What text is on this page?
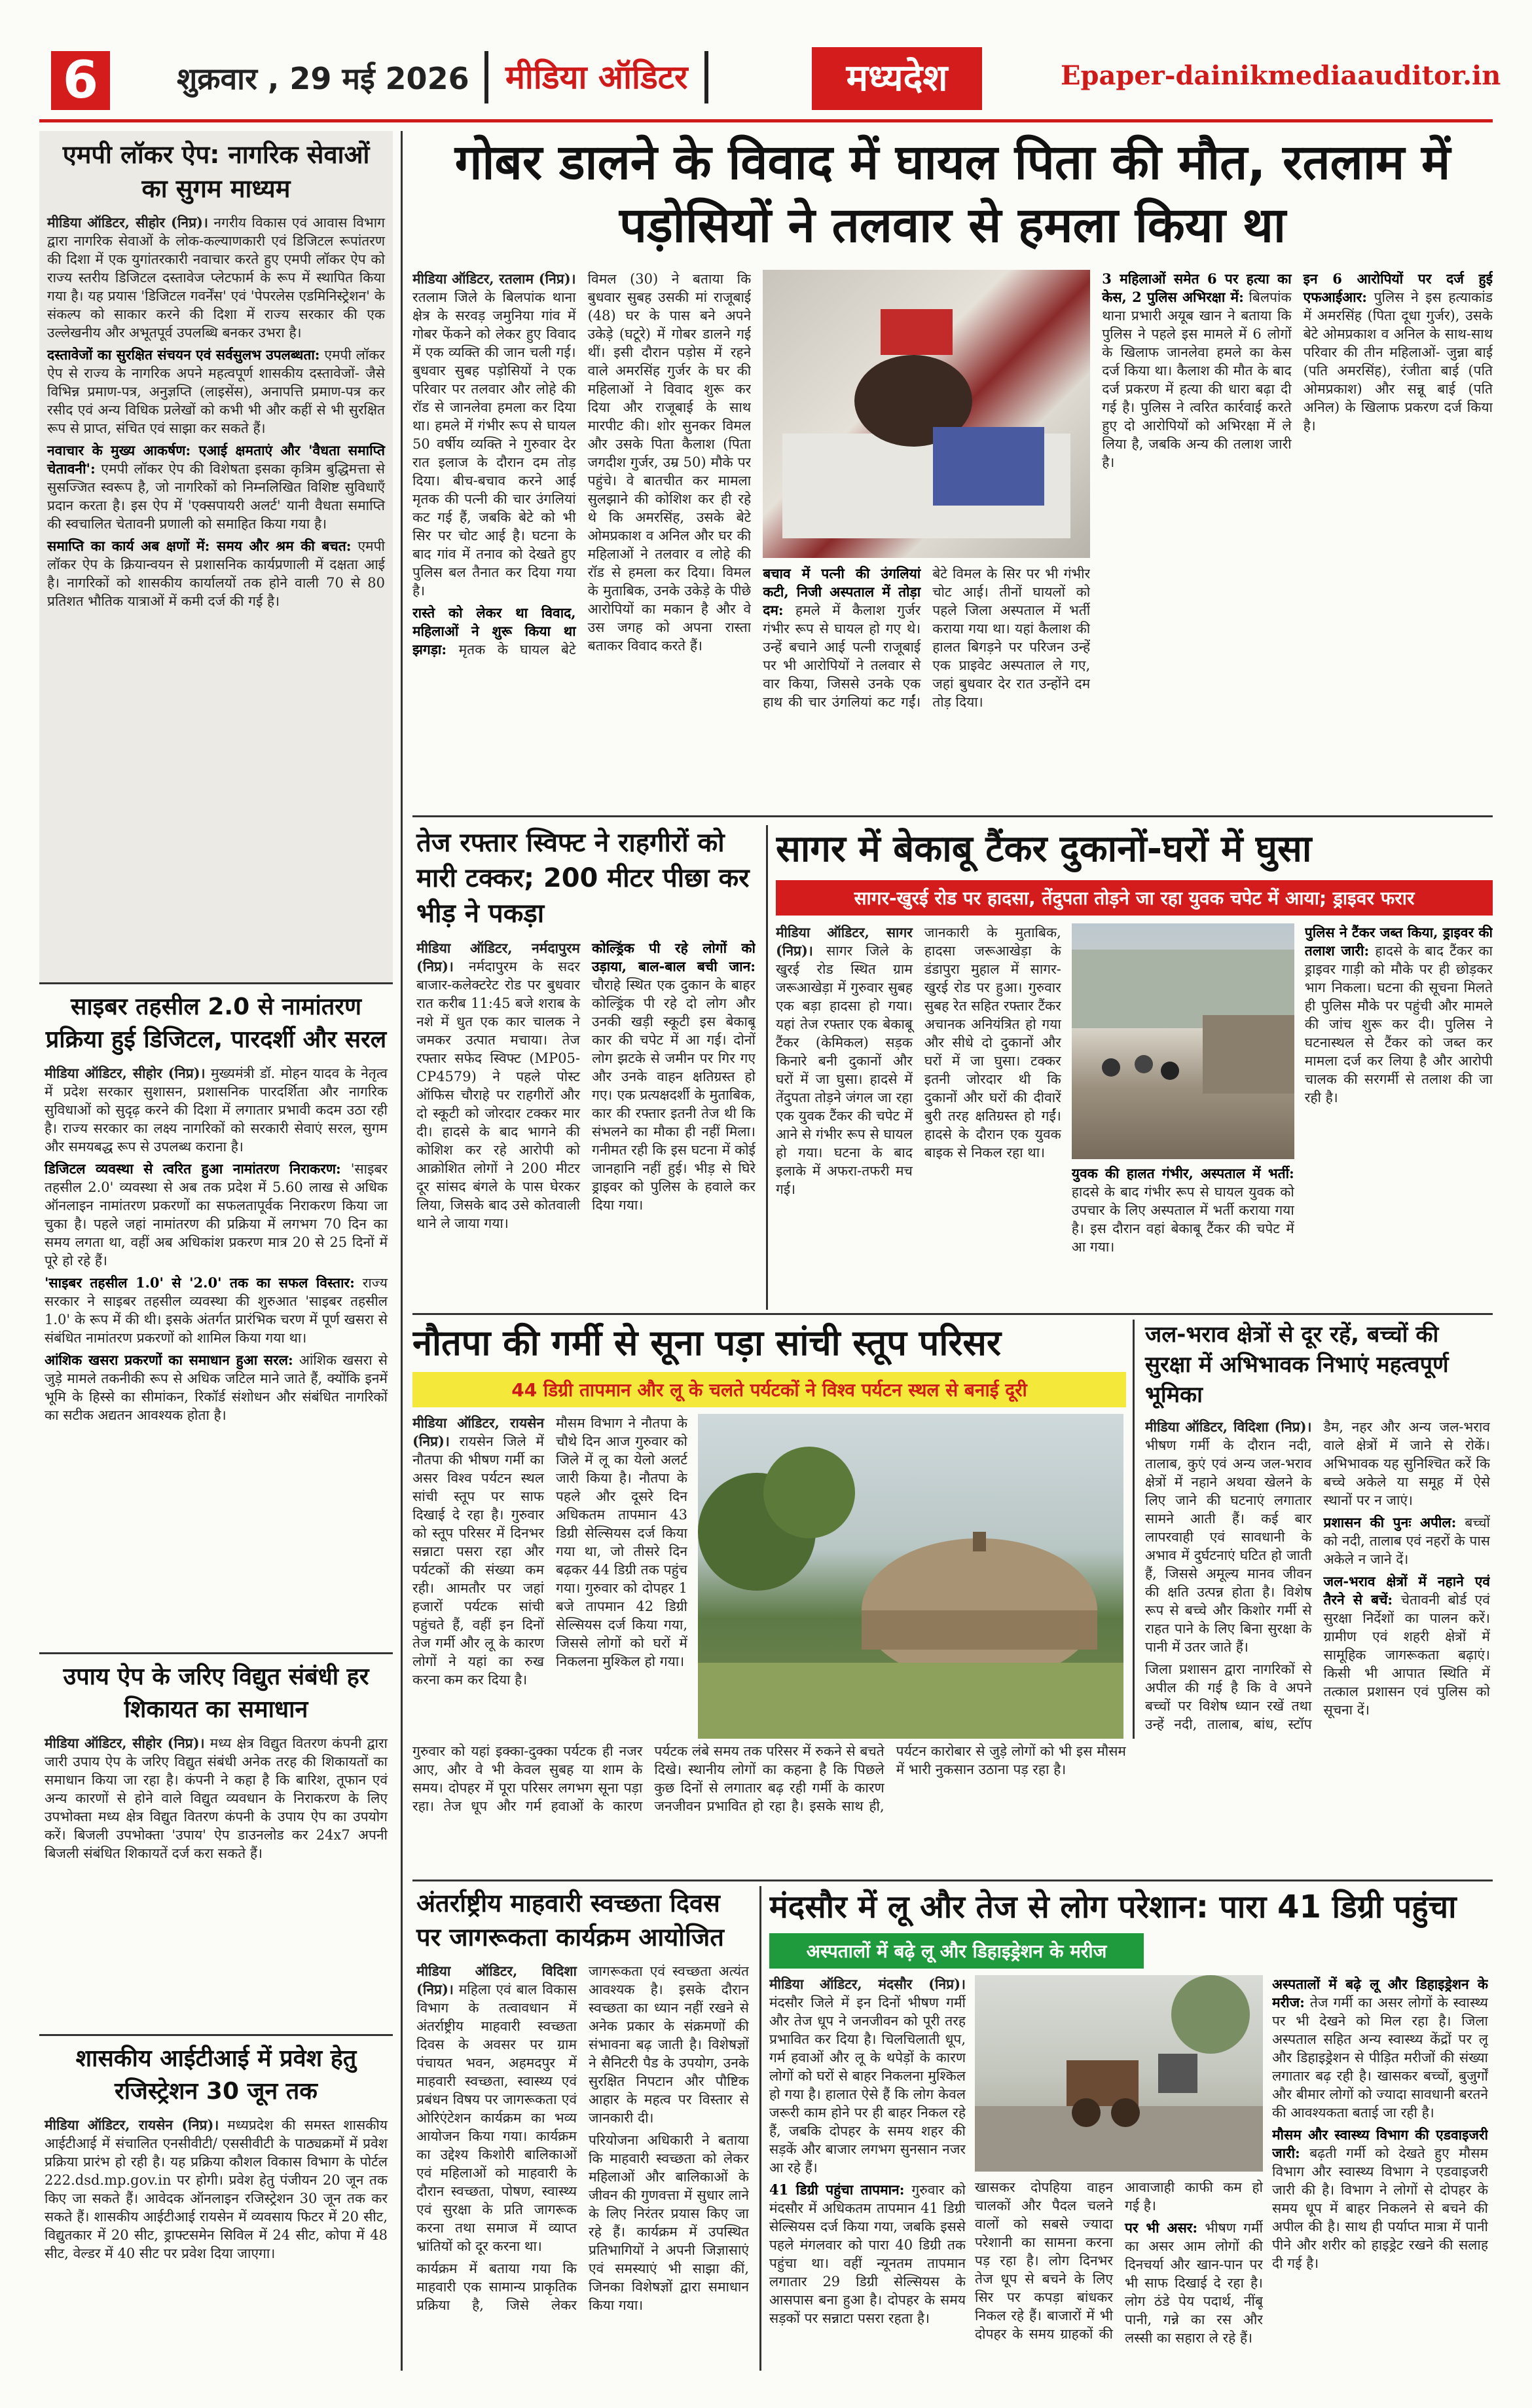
6	शुक्रवार , 29 मई 2026	मीडिया ऑडिटर	मध्यदेश	Epaper-dainikmediaauditor.in
एमपी लॉकर ऐप: नागरिक सेवाओं का सुगम माध्यम

मीडिया ऑडिटर, सीहोर (निप्र)। नगरीय विकास एवं आवास विभाग द्वारा नागरिक सेवाओं के लोक-कल्याणकारी एवं डिजिटल रूपांतरण की दिशा में एक युगांतरकारी नवाचार करते हुए एमपी लॉकर ऐप को राज्य स्तरीय डिजिटल दस्तावेज प्लेटफार्म के रूप में स्थापित किया गया है। यह प्रयास 'डिजिटल गवर्नेंस' एवं 'पेपरलेस एडमिनिस्ट्रेशन' के संकल्प को साकार करने की दिशा में राज्य सरकार की एक उल्लेखनीय और अभूतपूर्व उपलब्धि बनकर उभरा है।

दस्तावेजों का सुरक्षित संचयन एवं सर्वसुलभ उपलब्धता: एमपी लॉकर ऐप से राज्य के नागरिक अपने महत्वपूर्ण शासकीय दस्तावेजों- जैसे विभिन्न प्रमाण-पत्र, अनुज्ञप्ति (लाइसेंस), अनापत्ति प्रमाण-पत्र कर रसीद एवं अन्य विधिक प्रलेखों को कभी भी और कहीं से भी सुरक्षित रूप से प्राप्त, संचित एवं साझा कर सकते हैं।

नवाचार के मुख्य आकर्षण: एआई क्षमताएं और 'वैधता समाप्ति चेतावनी': एमपी लॉकर ऐप की विशेषता इसका कृत्रिम बुद्धिमत्ता से सुसज्जित स्वरूप है, जो नागरिकों को निम्नलिखित विशिष्ट सुविधाएँ प्रदान करता है। इस ऐप में 'एक्सपायरी अलर्ट' यानी वैधता समाप्ति की स्वचालित चेतावनी प्रणाली को समाहित किया गया है।

समाप्ति का कार्य अब क्षणों में: समय और श्रम की बचत: एमपी लॉकर ऐप के क्रियान्वयन से प्रशासनिक कार्यप्रणाली में दक्षता आई है। नागरिकों को शासकीय कार्यालयों तक होने वाली 70 से 80 प्रतिशत भौतिक यात्राओं में कमी दर्ज की गई है।

साइबर तहसील 2.0 से नामांतरण प्रक्रिया हुई डिजिटल, पारदर्शी और सरल

मीडिया ऑडिटर, सीहोर (निप्र)। मुख्यमंत्री डॉ. मोहन यादव के नेतृत्व में प्रदेश सरकार सुशासन, प्रशासनिक पारदर्शिता और नागरिक सुविधाओं को सुदृढ़ करने की दिशा में लगातार प्रभावी कदम उठा रही है। राज्य सरकार का लक्ष्य नागरिकों को सरकारी सेवाएं सरल, सुगम और समयबद्ध रूप से उपलब्ध कराना है।

डिजिटल व्यवस्था से त्वरित हुआ नामांतरण निराकरण: 'साइबर तहसील 2.0' व्यवस्था से अब तक प्रदेश में 5.60 लाख से अधिक ऑनलाइन नामांतरण प्रकरणों का सफलतापूर्वक निराकरण किया जा चुका है। पहले जहां नामांतरण की प्रक्रिया में लगभग 70 दिन का समय लगता था, वहीं अब अधिकांश प्रकरण मात्र 20 से 25 दिनों में पूरे हो रहे हैं।

'साइबर तहसील 1.0' से '2.0' तक का सफल विस्तार: राज्य सरकार ने साइबर तहसील व्यवस्था की शुरुआत 'साइबर तहसील 1.0' के रूप में की थी। इसके अंतर्गत प्रारंभिक चरण में पूर्ण खसरा से संबंधित नामांतरण प्रकरणों को शामिल किया गया था।

आंशिक खसरा प्रकरणों का समाधान हुआ सरल: आंशिक खसरा से जुड़े मामले तकनीकी रूप से अधिक जटिल माने जाते हैं, क्योंकि इनमें भूमि के हिस्से का सीमांकन, रिकॉर्ड संशोधन और संबंधित नागरिकों का सटीक अद्यतन आवश्यक होता है।

उपाय ऐप के जरिए विद्युत संबंधी हर शिकायत का समाधान

मीडिया ऑडिटर, सीहोर (निप्र)। मध्य क्षेत्र विद्युत वितरण कंपनी द्वारा जारी उपाय ऐप के जरिए विद्युत संबंधी अनेक तरह की शिकायतों का समाधान किया जा रहा है। कंपनी ने कहा है कि बारिश, तूफान एवं अन्य कारणों से होने वाले विद्युत व्यवधान के निराकरण के लिए उपभोक्ता मध्य क्षेत्र विद्युत वितरण कंपनी के उपाय ऐप का उपयोग करें। बिजली उपभोक्ता 'उपाय' ऐप डाउनलोड कर 24x7 अपनी बिजली संबंधित शिकायतें दर्ज करा सकते हैं।

शासकीय आईटीआई में प्रवेश हेतु रजिस्ट्रेशन 30 जून तक

मीडिया ऑडिटर, रायसेन (निप्र)। मध्यप्रदेश की समस्त शासकीय आईटीआई में संचालित एनसीवीटी/ एससीवीटी के पाठ्यक्रमों में प्रवेश प्रक्रिया प्रारंभ हो रही है। यह प्रक्रिया कौशल विकास विभाग के पोर्टल 222.dsd.mp.gov.in पर होगी। प्रवेश हेतु पंजीयन 20 जून तक किए जा सकते हैं। आवेदक ऑनलाइन रजिस्ट्रेशन 30 जून तक कर सकते हैं। शासकीय आईटीआई रायसेन में व्यवसाय फिटर में 20 सीट, विद्युतकार में 20 सीट, ड्राफ्टसमेन सिविल में 24 सीट, कोपा में 48 सीट, वेल्डर में 40 सीट पर प्रवेश दिया जाएगा।

गोबर डालने के विवाद में घायल पिता की मौत, रतलाम में पड़ोसियों ने तलवार से हमला किया था

मीडिया ऑडिटर, रतलाम (निप्र)। रतलाम जिले के बिलपांक थाना क्षेत्र के सरवड़ जमुनिया गांव में गोबर फेंकने को लेकर हुए विवाद में एक व्यक्ति की जान चली गई। बुधवार सुबह पड़ोसियों ने एक परिवार पर तलवार और लोहे की रॉड से जानलेवा हमला कर दिया था। हमले में गंभीर रूप से घायल 50 वर्षीय व्यक्ति ने गुरुवार देर रात इलाज के दौरान दम तोड़ दिया। बीच-बचाव करने आई मृतक की पत्नी की चार उंगलियां कट गई हैं, जबकि बेटे को भी सिर पर चोट आई है। घटना के बाद गांव में तनाव को देखते हुए पुलिस बल तैनात कर दिया गया है।

रास्ते को लेकर था विवाद, महिलाओं ने शुरू किया था झगड़ा: मृतक के घायल बेटे विमल (30) ने बताया कि बुधवार सुबह उसकी मां राजूबाई (48) घर के पास बने अपने उकेड़े (घटूरे) में गोबर डालने गई थीं। इसी दौरान पड़ोस में रहने वाले अमरसिंह गुर्जर के घर की महिलाओं ने विवाद शुरू कर दिया और राजूबाई के साथ मारपीट की। शोर सुनकर विमल और उसके पिता कैलाश (पिता जगदीश गुर्जर, उम्र 50) मौके पर पहुंचे। वे बातचीत कर मामला सुलझाने की कोशिश कर ही रहे थे कि अमरसिंह, उसके बेटे ओमप्रकाश व अनिल और घर की महिलाओं ने तलवार व लोहे की रॉड से हमला कर दिया। विमल के मुताबिक, उनके उकेड़े के पीछे आरोपियों का मकान है और वे उस जगह को अपना रास्ता बताकर विवाद करते हैं।

बचाव में पत्नी की उंगलियां कटी, निजी अस्पताल में तोड़ा दम: हमले में कैलाश गुर्जर गंभीर रूप से घायल हो गए थे। उन्हें बचाने आई पत्नी राजूबाई पर भी आरोपियों ने तलवार से वार किया, जिससे उनके एक हाथ की चार उंगलियां कट गईं। बेटे विमल के सिर पर भी गंभीर चोट आई। तीनों घायलों को पहले जिला अस्पताल में भर्ती कराया गया था। यहां कैलाश की हालत बिगड़ने पर परिजन उन्हें एक प्राइवेट अस्पताल ले गए, जहां बुधवार देर रात उन्होंने दम तोड़ दिया।

3 महिलाओं समेत 6 पर हत्या का केस, 2 पुलिस अभिरक्षा में: बिलपांक थाना प्रभारी अयूब खान ने बताया कि पुलिस ने पहले इस मामले में 6 लोगों के खिलाफ जानलेवा हमले का केस दर्ज किया था। कैलाश की मौत के बाद दर्ज प्रकरण में हत्या की धारा बढ़ा दी गई है। पुलिस ने त्वरित कार्रवाई करते हुए दो आरोपियों को अभिरक्षा में ले लिया है, जबकि अन्य की तलाश जारी है।

इन 6 आरोपियों पर दर्ज हुई एफआईआर: पुलिस ने इस हत्याकांड में अमरसिंह (पिता दूधा गुर्जर), उसके बेटे ओमप्रकाश व अनिल के साथ-साथ परिवार की तीन महिलाओं- जुन्ना बाई (पति अमरसिंह), रंजीता बाई (पति ओमप्रकाश) और सन्नू बाई (पति अनिल) के खिलाफ प्रकरण दर्ज किया है।

तेज रफ्तार स्विफ्ट ने राहगीरों को मारी टक्कर; 200 मीटर पीछा कर भीड़ ने पकड़ा

मीडिया ऑडिटर, नर्मदापुरम (निप्र)। नर्मदापुरम के सदर बाजार-कलेक्टरेट रोड पर बुधवार रात करीब 11:45 बजे शराब के नशे में धुत एक कार चालक ने जमकर उत्पात मचाया। तेज रफ्तार सफेद स्विफ्ट (MP05-CP4579) ने पहले पोस्ट ऑफिस चौराहे पर राहगीरों और दो स्कूटी को जोरदार टक्कर मार दी। हादसे के बाद भागने की कोशिश कर रहे आरोपी को आक्रोशित लोगों ने 200 मीटर दूर सांसद बंगले के पास घेरकर लिया, जिसके बाद उसे कोतवाली थाने ले जाया गया।

कोल्ड्रिंक पी रहे लोगों को उड़ाया, बाल-बाल बची जान: चौराहे स्थित एक दुकान के बाहर कोल्ड्रिंक पी रहे दो लोग और उनकी खड़ी स्कूटी इस बेकाबू कार की चपेट में आ गई। दोनों लोग झटके से जमीन पर गिर गए और उनके वाहन क्षतिग्रस्त हो गए। एक प्रत्यक्षदर्शी के मुताबिक, कार की रफ्तार इतनी तेज थी कि संभलने का मौका ही नहीं मिला। गनीमत रही कि इस घटना में कोई जानहानि नहीं हुई। भीड़ से घिरे ड्राइवर को पुलिस के हवाले कर दिया गया।

सागर में बेकाबू टैंकर दुकानों-घरों में घुसा
सागर-खुरई रोड पर हादसा, तेंदुपता तोड़ने जा रहा युवक चपेट में आया; ड्राइवर फरार

मीडिया ऑडिटर, सागर (निप्र)। सागर जिले के खुरई रोड स्थित ग्राम जरूआखेड़ा में गुरुवार सुबह एक बड़ा हादसा हो गया। यहां तेज रफ्तार एक बेकाबू टैंकर (केमिकल) सड़क किनारे बनी दुकानों और घरों में जा घुसा। हादसे में तेंदुपता तोड़ने जंगल जा रहा एक युवक टैंकर की चपेट में आने से गंभीर रूप से घायल हो गया। घटना के बाद इलाके में अफरा-तफरी मच गई।

जानकारी के मुताबिक, हादसा जरूआखेड़ा के डंडापुरा मुहाल में सागर-खुरई रोड पर हुआ। गुरुवार सुबह रेत सहित रफ्तार टैंकर अचानक अनियंत्रित हो गया और सीधे दो दुकानों और घरों में जा घुसा। टक्कर इतनी जोरदार थी कि दुकानों और घरों की दीवारें बुरी तरह क्षतिग्रस्त हो गईं। हादसे के दौरान एक युवक बाइक से निकल रहा था।

युवक की हालत गंभीर, अस्पताल में भर्ती: हादसे के बाद गंभीर रूप से घायल युवक को उपचार के लिए अस्पताल में भर्ती कराया गया है। इस दौरान वहां बेकाबू टैंकर की चपेट में आ गया।

पुलिस ने टैंकर जब्त किया, ड्राइवर की तलाश जारी: हादसे के बाद टैंकर का ड्राइवर गाड़ी को मौके पर ही छोड़कर भाग निकला। घटना की सूचना मिलते ही पुलिस मौके पर पहुंची और मामले की जांच शुरू कर दी। पुलिस ने घटनास्थल से टैंकर को जब्त कर मामला दर्ज कर लिया है और आरोपी चालक की सरगर्मी से तलाश की जा रही है।

नौतपा की गर्मी से सूना पड़ा सांची स्तूप परिसर
44 डिग्री तापमान और लू के चलते पर्यटकों ने विश्व पर्यटन स्थल से बनाई दूरी

मीडिया ऑडिटर, रायसेन (निप्र)। रायसेन जिले में नौतपा की भीषण गर्मी का असर विश्व पर्यटन स्थल सांची स्तूप पर साफ दिखाई दे रहा है। गुरुवार को स्तूप परिसर में दिनभर सन्नाटा पसरा रहा और पर्यटकों की संख्या कम रही। आमतौर पर जहां हजारों पर्यटक सांची पहुंचते हैं, वहीं इन दिनों तेज गर्मी और लू के कारण लोगों ने यहां का रुख करना कम कर दिया है।

मौसम विभाग ने नौतपा के चौथे दिन आज गुरुवार को जिले में लू का येलो अलर्ट जारी किया है। नौतपा के पहले और दूसरे दिन अधिकतम तापमान 43 डिग्री सेल्सियस दर्ज किया गया था, जो तीसरे दिन बढ़कर 44 डिग्री तक पहुंच गया। गुरुवार को दोपहर 1 बजे तापमान 42 डिग्री सेल्सियस दर्ज किया गया, जिससे लोगों को घरों में निकलना मुश्किल हो गया।

जल-भराव क्षेत्रों से दूर रहें, बच्चों की सुरक्षा में अभिभावक निभाएं महत्वपूर्ण भूमिका

मीडिया ऑडिटर, विदिशा (निप्र)। भीषण गर्मी के दौरान नदी, तालाब, कुएं एवं अन्य जल-भराव क्षेत्रों में नहाने अथवा खेलने के लिए जाने की घटनाएं लगातार सामने आती हैं। कई बार लापरवाही एवं सावधानी के अभाव में दुर्घटनाएं घटित हो जाती हैं, जिससे अमूल्य मानव जीवन की क्षति उत्पन्न होता है। विशेष रूप से बच्चे और किशोर गर्मी से राहत पाने के लिए बिना सुरक्षा के पानी में उतर जाते हैं।

जिला प्रशासन द्वारा नागरिकों से अपील की गई है कि वे अपने बच्चों पर विशेष ध्यान रखें तथा उन्हें नदी, तालाब, बांध, स्टॉप डैम, नहर और अन्य जल-भराव वाले क्षेत्रों में जाने से रोकें। अभिभावक यह सुनिश्चित करें कि बच्चे अकेले या समूह में ऐसे स्थानों पर न जाएं।

प्रशासन की पुनः अपील: बच्चों को नदी, तालाब एवं नहरों के पास अकेले न जाने दें।

जल-भराव क्षेत्रों में नहाने एवं तैरने से बचें: चेतावनी बोर्ड एवं सुरक्षा निर्देशों का पालन करें। ग्रामीण एवं शहरी क्षेत्रों में सामूहिक जागरूकता बढ़ाएं। किसी भी आपात स्थिति में तत्काल प्रशासन एवं पुलिस को सूचना दें।

गुरुवार को यहां इक्का-दुक्का पर्यटक ही नजर आए, और वे भी केवल सुबह या शाम के समय। दोपहर में पूरा परिसर लगभग सूना पड़ा रहा। तेज धूप और गर्म हवाओं के कारण पर्यटक लंबे समय तक परिसर में रुकने से बचते दिखे। स्थानीय लोगों का कहना है कि पिछले कुछ दिनों से लगातार बढ़ रही गर्मी के कारण जनजीवन प्रभावित हो रहा है। इसके साथ ही, पर्यटन कारोबार से जुड़े लोगों को भी इस मौसम में भारी नुकसान उठाना पड़ रहा है।

अंतर्राष्ट्रीय माहवारी स्वच्छता दिवस पर जागरूकता कार्यक्रम आयोजित

मीडिया ऑडिटर, विदिशा (निप्र)। महिला एवं बाल विकास विभाग के तत्वावधान में अंतर्राष्ट्रीय माहवारी स्वच्छता दिवस के अवसर पर ग्राम पंचायत भवन, अहमदपुर में माहवारी स्वच्छता, स्वास्थ्य एवं प्रबंधन विषय पर जागरूकता एवं ओरिएंटेशन कार्यक्रम का भव्य आयोजन किया गया। कार्यक्रम का उद्देश्य किशोरी बालिकाओं एवं महिलाओं को माहवारी के दौरान स्वच्छता, पोषण, स्वास्थ्य एवं सुरक्षा के प्रति जागरूक करना तथा समाज में व्याप्त भ्रांतियों को दूर करना था।

कार्यक्रम में बताया गया कि माहवारी एक सामान्य प्राकृतिक प्रक्रिया है, जिसे लेकर जागरूकता एवं स्वच्छता अत्यंत आवश्यक है। इसके दौरान स्वच्छता का ध्यान नहीं रखने से अनेक प्रकार के संक्रमणों की संभावना बढ़ जाती है। विशेषज्ञों ने सैनिटरी पैड के उपयोग, उनके सुरक्षित निपटान और पौष्टिक आहार के महत्व पर विस्तार से जानकारी दी।

परियोजना अधिकारी ने बताया कि माहवारी स्वच्छता को लेकर महिलाओं और बालिकाओं के जीवन की गुणवत्ता में सुधार लाने के लिए निरंतर प्रयास किए जा रहे हैं। कार्यक्रम में उपस्थित प्रतिभागियों ने अपनी जिज्ञासाएं एवं समस्याएं भी साझा कीं, जिनका विशेषज्ञों द्वारा समाधान किया गया।

मंदसौर में लू और तेज से लोग परेशान: पारा 41 डिग्री पहुंचा
अस्पतालों में बढ़े लू और डिहाइड्रेशन के मरीज

मीडिया ऑडिटर, मंदसौर (निप्र)। मंदसौर जिले में इन दिनों भीषण गर्मी और तेज धूप ने जनजीवन को पूरी तरह प्रभावित कर दिया है। चिलचिलाती धूप, गर्म हवाओं और लू के थपेड़ों के कारण लोगों को घरों से बाहर निकलना मुश्किल हो गया है। हालात ऐसे हैं कि लोग केवल जरूरी काम होने पर ही बाहर निकल रहे हैं, जबकि दोपहर के समय शहर की सड़कें और बाजार लगभग सुनसान नजर आ रहे हैं।

41 डिग्री पहुंचा तापमान: गुरुवार को मंदसौर में अधिकतम तापमान 41 डिग्री सेल्सियस दर्ज किया गया, जबकि इससे पहले मंगलवार को पारा 40 डिग्री तक पहुंचा था। वहीं न्यूनतम तापमान लगातार 29 डिग्री सेल्सियस के आसपास बना हुआ है। दोपहर के समय सड़कों पर सन्नाटा पसरा रहता है।

खासकर दोपहिया वाहन चालकों और पैदल चलने वालों को सबसे ज्यादा परेशानी का सामना करना पड़ रहा है। लोग दिनभर तेज धूप से बचने के लिए सिर पर कपड़ा बांधकर निकल रहे हैं। बाजारों में भी दोपहर के समय ग्राहकों की आवाजाही काफी कम हो गई है।

पर भी असर: भीषण गर्मी का असर आम लोगों की दिनचर्या और खान-पान पर भी साफ दिखाई दे रहा है। लोग ठंडे पेय पदार्थ, नींबू पानी, गन्ने का रस और लस्सी का सहारा ले रहे हैं।

अस्पतालों में बढ़े लू और डिहाइड्रेशन के मरीज: तेज गर्मी का असर लोगों के स्वास्थ्य पर भी देखने को मिल रहा है। जिला अस्पताल सहित अन्य स्वास्थ्य केंद्रों पर लू और डिहाइड्रेशन से पीड़ित मरीजों की संख्या लगातार बढ़ रही है। खासकर बच्चों, बुजुर्गों और बीमार लोगों को ज्यादा सावधानी बरतने की आवश्यकता बताई जा रही है।

मौसम और स्वास्थ्य विभाग की एडवाइजरी जारी: बढ़ती गर्मी को देखते हुए मौसम विभाग और स्वास्थ्य विभाग ने एडवाइजरी जारी की है। विभाग ने लोगों से दोपहर के समय धूप में बाहर निकलने से बचने की अपील की है। साथ ही पर्याप्त मात्रा में पानी पीने और शरीर को हाइड्रेट रखने की सलाह दी गई है।
